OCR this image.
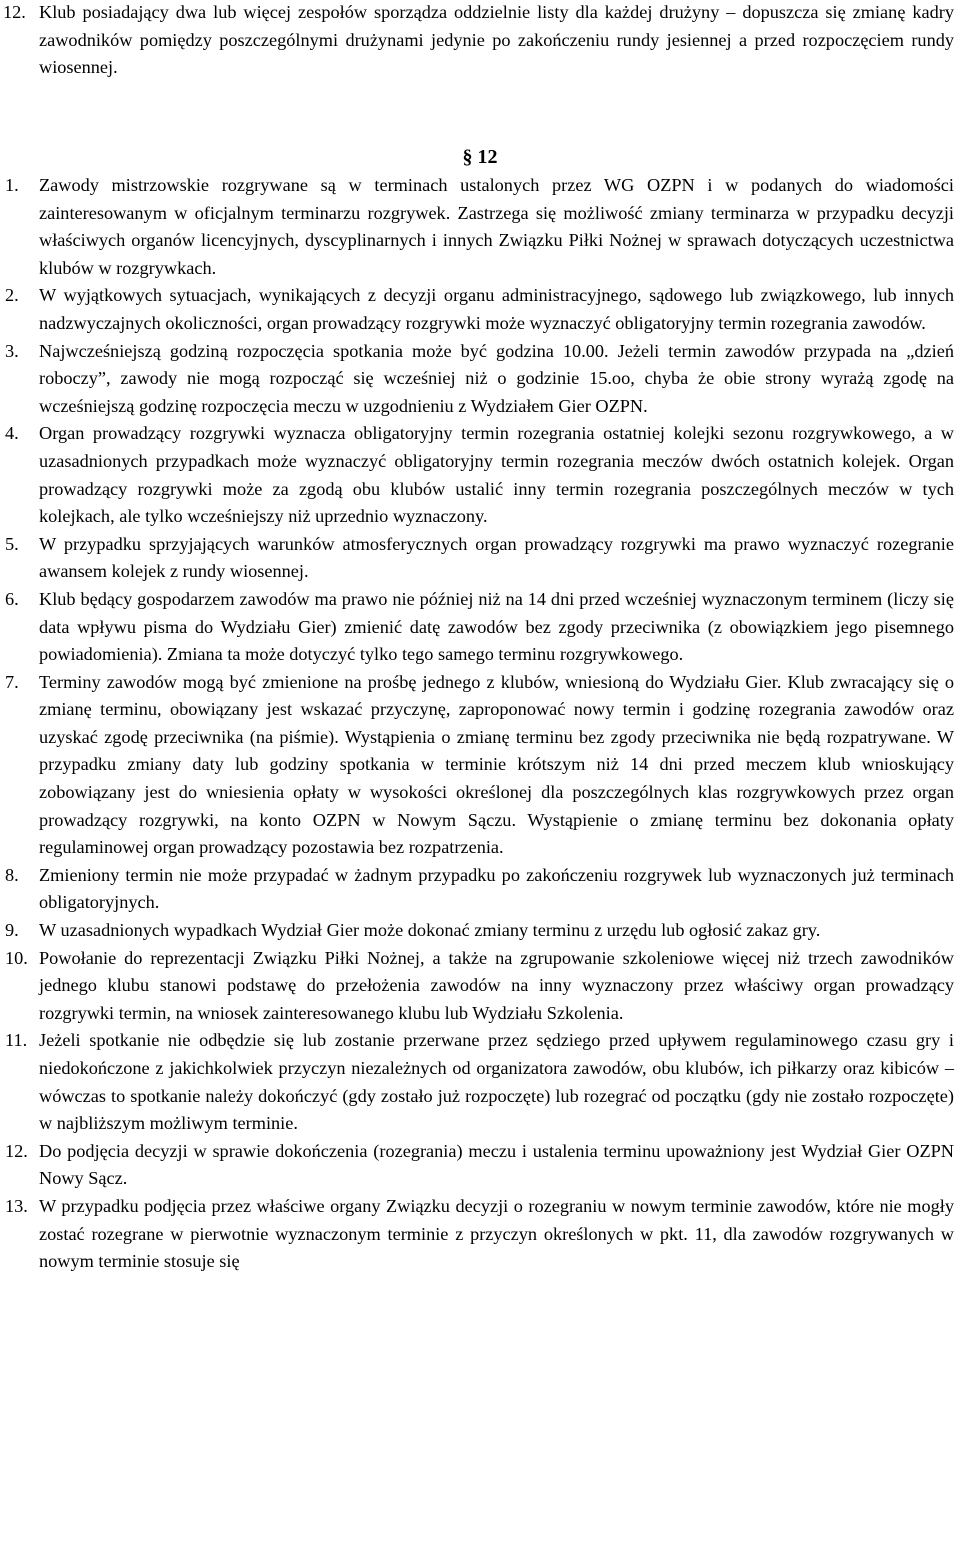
12. Klub posiadający dwa lub więcej zespołów sporządza oddzielnie listy dla każdej drużyny – dopuszcza się zmianę kadry zawodników pomiędzy poszczególnymi drużynami jedynie po zakończeniu rundy jesiennej a przed rozpoczęciem rundy wiosennej.
§ 12
1.	Zawody mistrzowskie rozgrywane są w terminach ustalonych przez WG OZPN i w podanych do wiadomości zainteresowanym w oficjalnym terminarzu rozgrywek. Zastrzega się możliwość zmiany terminarza w przypadku decyzji właściwych organów licencyjnych, dyscyplinarnych i innych Związku Piłki Nożnej w sprawach dotyczących uczestnictwa klubów w rozgrywkach.
2.	W wyjątkowych sytuacjach, wynikających z decyzji organu administracyjnego, sądowego lub związkowego, lub innych nadzwyczajnych okoliczności, organ prowadzący rozgrywki może wyznaczyć obligatoryjny termin rozegrania zawodów.
3.	Najwcześniejszą godziną rozpoczęcia spotkania może być godzina 10.00. Jeżeli termin zawodów przypada na „dzień roboczy”, zawody nie mogą rozpocząć się wcześniej niż o godzinie 15.oo, chyba że obie strony wyrażą zgodę na wcześniejszą godzinę rozpoczęcia meczu w uzgodnieniu z Wydziałem Gier OZPN.
4.	Organ prowadzący rozgrywki wyznacza obligatoryjny termin rozegrania ostatniej kolejki sezonu rozgrywkowego, a w uzasadnionych przypadkach może wyznaczyć obligatoryjny termin rozegrania meczów dwóch ostatnich kolejek. Organ prowadzący rozgrywki może za zgodą obu klubów ustalić inny termin rozegrania poszczególnych meczów w tych kolejkach, ale tylko wcześniejszy niż uprzednio wyznaczony.
5.	W przypadku sprzyjających warunków atmosferycznych organ prowadzący rozgrywki ma prawo wyznaczyć rozegranie awansem kolejek z rundy wiosennej.
6.	Klub będący gospodarzem zawodów ma prawo nie później niż na 14 dni przed wcześniej wyznaczonym terminem (liczy się data wpływu pisma do Wydziału Gier) zmienić datę zawodów bez zgody przeciwnika (z obowiązkiem jego pisemnego powiadomienia). Zmiana ta może dotyczyć tylko tego samego terminu rozgrywkowego.
7.	Terminy zawodów mogą być zmienione na prośbę jednego z klubów, wniesioną do Wydziału Gier. Klub zwracający się o zmianę terminu, obowiązany jest wskazać przyczynę, zaproponować nowy termin i godzinę rozegrania zawodów oraz uzyskać zgodę przeciwnika (na piśmie). Wystąpienia o zmianę terminu bez zgody przeciwnika nie będą rozpatrywane. W przypadku zmiany daty lub godziny spotkania w terminie krótszym niż 14 dni przed meczem klub wnioskujący zobowiązany jest do wniesienia opłaty w wysokości określonej dla poszczególnych klas rozgrywkowych przez organ prowadzący rozgrywki, na konto OZPN w Nowym Sączu. Wystąpienie o zmianę terminu bez dokonania opłaty regulaminowej organ prowadzący pozostawia bez rozpatrzenia.
8.	Zmieniony termin nie może przypadać w żadnym przypadku po zakończeniu rozgrywek lub wyznaczonych już terminach obligatoryjnych.
9.	W uzasadnionych wypadkach Wydział Gier może dokonać zmiany terminu z urzędu lub ogłosić zakaz gry.
10. Powołanie do reprezentacji Związku Piłki Nożnej, a także na zgrupowanie szkoleniowe więcej niż trzech zawodników jednego klubu stanowi podstawę do przełożenia zawodów na inny wyznaczony przez właściwy organ prowadzący rozgrywki termin, na wniosek zainteresowanego klubu lub Wydziału Szkolenia.
11. Jeżeli spotkanie nie odbędzie się lub zostanie przerwane przez sędziego przed upływem regulaminowego czasu gry i niedokończone z jakichkolwiek przyczyn niezależnych od organizatora zawodów, obu klubów, ich piłkarzy oraz kibiców – wówczas to spotkanie należy dokończyć (gdy zostało już rozpoczęte) lub rozegrać od początku (gdy nie zostało rozpoczęte) w najbliższym możliwym terminie.
12. Do podjęcia decyzji w sprawie dokończenia (rozegrania) meczu i ustalenia terminu upoważniony jest Wydział Gier OZPN Nowy Sącz.
13. W przypadku podjęcia przez właściwe organy Związku decyzji o rozegraniu w nowym terminie zawodów, które nie mogły zostać rozegrane w pierwotnie wyznaczonym terminie z przyczyn określonych w pkt. 11, dla zawodów rozgrywanych w nowym terminie stosuje się
